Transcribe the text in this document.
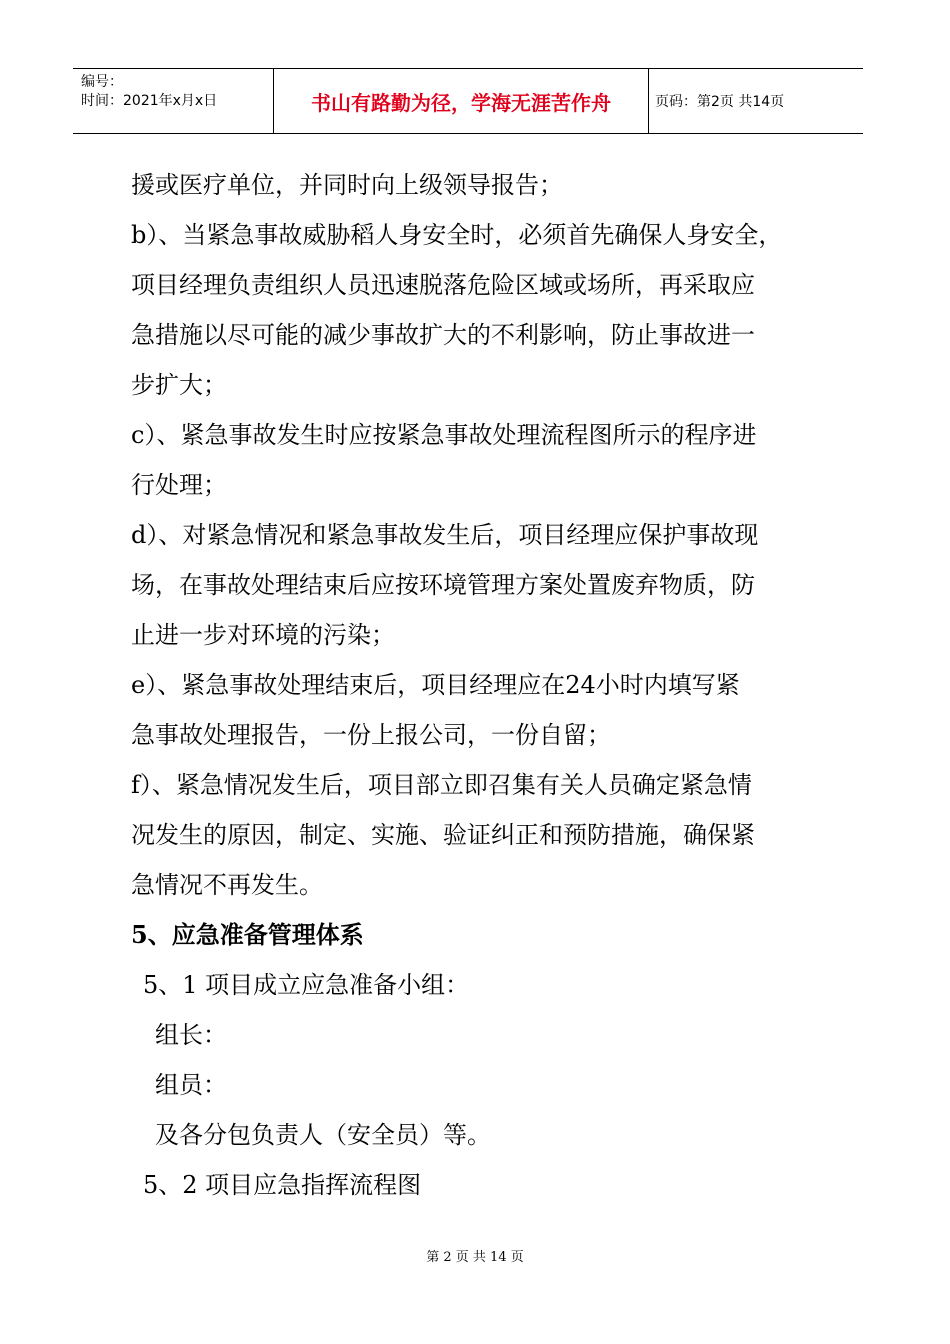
编号：
时间：2021年x月x日	书山有路勤为径，学海无涯苦作舟	页码：第2页 共14页
援或医疗单位，并同时向上级领导报告；
b）、当紧急事故威胁稻人身安全时，必须首先确保人身安全，
项目经理负责组织人员迅速脱落危险区域或场所，再采取应
急措施以尽可能的减少事故扩大的不利影响，防止事故进一
步扩大；
c）、紧急事故发生时应按紧急事故处理流程图所示的程序进
行处理；
d）、对紧急情况和紧急事故发生后，项目经理应保护事故现
场，在事故处理结束后应按环境管理方案处置废弃物质，防
止进一步对环境的污染；
e）、紧急事故处理结束后，项目经理应在24小时内填写紧
急事故处理报告，一份上报公司，一份自留；
f）、紧急情况发生后，项目部立即召集有关人员确定紧急情
况发生的原因，制定、实施、验证纠正和预防措施，确保紧
急情况不再发生。
5、应急准备管理体系
5、1 项目成立应急准备小组：
组长：
组员：
及各分包负责人（安全员）等。
5、2 项目应急指挥流程图
第 2 页 共 14 页
